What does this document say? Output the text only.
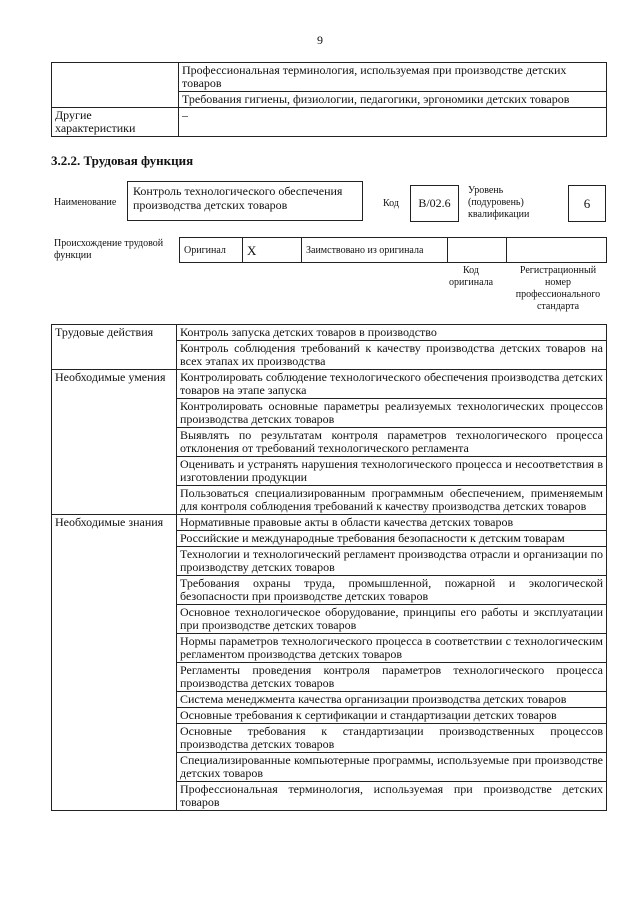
9
	Профессиональная терминология, используемая при производстве детских товаров
	Требования гигиены, физиологии, педагогики, эргономики детских товаров
Другие характеристики	–
3.2.2. Трудовая функция
Наименование
Контроль технологического обеспечения производства детских товаров	Код B/02.6
Уровень (подуровень) квалификации
6
Происхождение трудовой функции	Оригинал	X	Заимствовано из оригинала		
Код оригинала
Регистрационный номер профессионального стандарта
Трудовые действия	Контроль запуска детских товаров в производство
	Контроль соблюдения требований к качеству производства детских товаров на всех этапах их производства
Необходимые умения	Контролировать соблюдение технологического обеспечения производства детских товаров на этапе запуска
	Контролировать основные параметры реализуемых технологических процессов производства детских товаров
	Выявлять по результатам контроля параметров технологического процесса отклонения от требований технологического регламента
	Оценивать и устранять нарушения технологического процесса и несоответствия в изготовлении продукции
	Пользоваться специализированным программным обеспечением, применяемым для контроля соблюдения требований к качеству производства детских товаров
Необходимые знания	Нормативные правовые акты в области качества детских товаров
	Российские и международные требования безопасности к детским товарам
	Технологии и технологический регламент производства отрасли и организации по производству детских товаров
	Требования охраны труда, промышленной, пожарной и экологической безопасности при производстве детских товаров
	Основное технологическое оборудование, принципы его работы и эксплуатации при производстве детских товаров
	Нормы параметров технологического процесса в соответствии с технологическим регламентом производства детских товаров
	Регламенты проведения контроля параметров технологического процесса производства детских товаров
	Система менеджмента качества организации производства детских товаров
	Основные требования к сертификации и стандартизации детских товаров
	Основные требования к стандартизации производственных процессов производства детских товаров
	Специализированные компьютерные программы, используемые при производстве детских товаров
	Профессиональная терминология, используемая при производстве детских товаров
